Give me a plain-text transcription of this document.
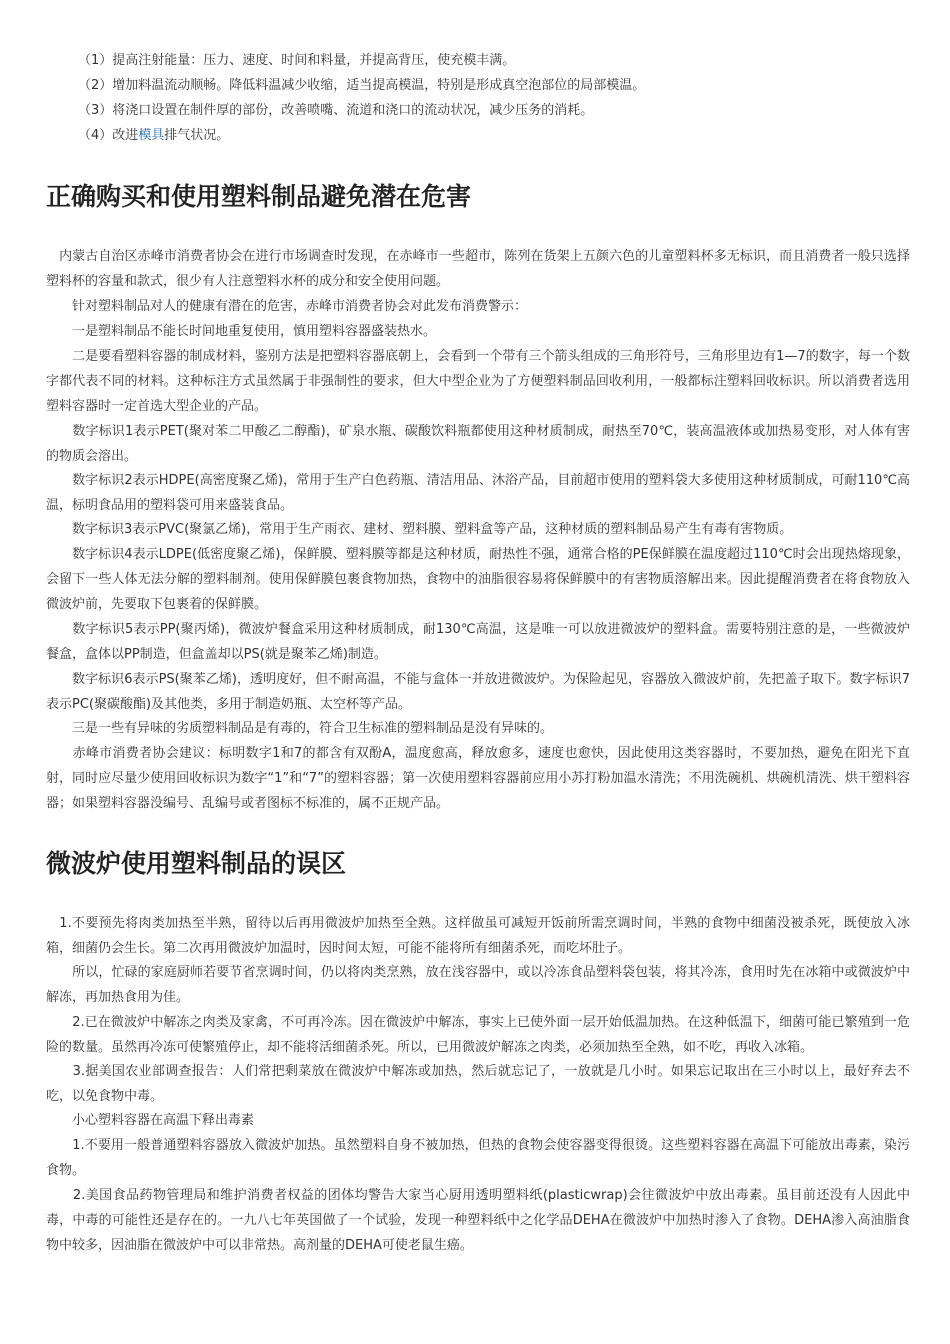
（1）提高注射能量：压力、速度、时间和料量，并提高背压，使充模丰满。
（2）增加料温流动顺畅。降低料温减少收缩，适当提高模温，特别是形成真空泡部位的局部模温。
（3）将浇口设置在制件厚的部份，改善喷嘴、流道和浇口的流动状况，减少压务的消耗。
（4）改进模具排气状况。
正确购买和使用塑料制品避免潜在危害

　内蒙古自治区赤峰市消费者协会在进行市场调查时发现，在赤峰市一些超市，陈列在货架上五颜六色的儿童塑料杯多无标识，而且消费者一般只选择塑料杯的容量和款式，很少有人注意塑料水杯的成分和安全使用问题。

　　针对塑料制品对人的健康有潜在的危害，赤峰市消费者协会对此发布消费警示：

　　一是塑料制品不能长时间地重复使用，慎用塑料容器盛装热水。

　　二是要看塑料容器的制成材料，鉴别方法是把塑料容器底朝上，会看到一个带有三个箭头组成的三角形符号，三角形里边有1—7的数字，每一个数字都代表不同的材料。这种标注方式虽然属于非强制性的要求，但大中型企业为了方便塑料制品回收利用，一般都标注塑料回收标识。所以消费者选用塑料容器时一定首选大型企业的产品。

　　数字标识1表示PET(聚对苯二甲酸乙二醇酯)，矿泉水瓶、碳酸饮料瓶都使用这种材质制成，耐热至70℃，装高温液体或加热易变形，对人体有害的物质会溶出。

　　数字标识2表示HDPE(高密度聚乙烯)，常用于生产白色药瓶、清洁用品、沐浴产品，目前超市使用的塑料袋大多使用这种材质制成，可耐110℃高温，标明食品用的塑料袋可用来盛装食品。

　　数字标识3表示PVC(聚氯乙烯)，常用于生产雨衣、建材、塑料膜、塑料盒等产品，这种材质的塑料制品易产生有毒有害物质。

　　数字标识4表示LDPE(低密度聚乙烯)，保鲜膜、塑料膜等都是这种材质，耐热性不强，通常合格的PE保鲜膜在温度超过110℃时会出现热熔现象，会留下一些人体无法分解的塑料制剂。使用保鲜膜包裹食物加热，食物中的油脂很容易将保鲜膜中的有害物质溶解出来。因此提醒消费者在将食物放入微波炉前，先要取下包裹着的保鲜膜。

　　数字标识5表示PP(聚丙烯)，微波炉餐盒采用这种材质制成，耐130℃高温，这是唯一可以放进微波炉的塑料盒。需要特别注意的是，一些微波炉餐盒，盒体以PP制造，但盒盖却以PS(就是聚苯乙烯)制造。

　　数字标识6表示PS(聚苯乙烯)，透明度好，但不耐高温，不能与盒体一并放进微波炉。为保险起见，容器放入微波炉前，先把盖子取下。数字标识7表示PC(聚碳酸酯)及其他类，多用于制造奶瓶、太空杯等产品。

　　三是一些有异味的劣质塑料制品是有毒的，符合卫生标准的塑料制品是没有异味的。

　　赤峰市消费者协会建议：标明数字1和7的都含有双酚A，温度愈高，释放愈多，速度也愈快，因此使用这类容器时，不要加热，避免在阳光下直射，同时应尽量少使用回收标识为数字“1”和“7”的塑料容器；第一次使用塑料容器前应用小苏打粉加温水清洗；不用洗碗机、烘碗机清洗、烘干塑料容器；如果塑料容器没编号、乱编号或者图标不标准的，属不正规产品。

微波炉使用塑料制品的误区

　1.不要预先将肉类加热至半熟，留待以后再用微波炉加热至全熟。这样做虽可减短开饭前所需烹调时间，半熟的食物中细菌没被杀死，既使放入冰箱，细菌仍会生长。第二次再用微波炉加温时，因时间太短，可能不能将所有细菌杀死，而吃坏肚子。

　　所以，忙碌的家庭厨师若要节省烹调时间，仍以将肉类烹熟，放在浅容器中，或以冷冻食品塑料袋包装，将其冷冻，食用时先在冰箱中或微波炉中解冻，再加热食用为佳。

　　2.已在微波炉中解冻之肉类及家禽，不可再冷冻。因在微波炉中解冻，事实上已使外面一层开始低温加热。在这种低温下，细菌可能已繁殖到一危险的数量。虽然再冷冻可使繁殖停止，却不能将活细菌杀死。所以，已用微波炉解冻之肉类，必须加热至全熟，如不吃，再收入冰箱。

　　3.据美国农业部调查报告：人们常把剩菜放在微波炉中解冻或加热，然后就忘记了，一放就是几小时。如果忘记取出在三小时以上，最好弃去不吃，以免食物中毒。

　　小心塑料容器在高温下释出毒素

　　1.不要用一般普通塑料容器放入微波炉加热。虽然塑料自身不被加热，但热的食物会使容器变得很烫。这些塑料容器在高温下可能放出毒素，染污食物。

　　2.美国食品药物管理局和维护消费者权益的团体均警告大家当心厨用透明塑料纸(plasticwrap)会往微波炉中放出毒素。虽目前还没有人因此中毒，中毒的可能性还是存在的。一九八七年英国做了一个试验，发现一种塑料纸中之化学品DEHA在微波炉中加热时渗入了食物。DEHA渗入高油脂食物中较多，因油脂在微波炉中可以非常热。高剂量的DEHA可使老鼠生癌。
